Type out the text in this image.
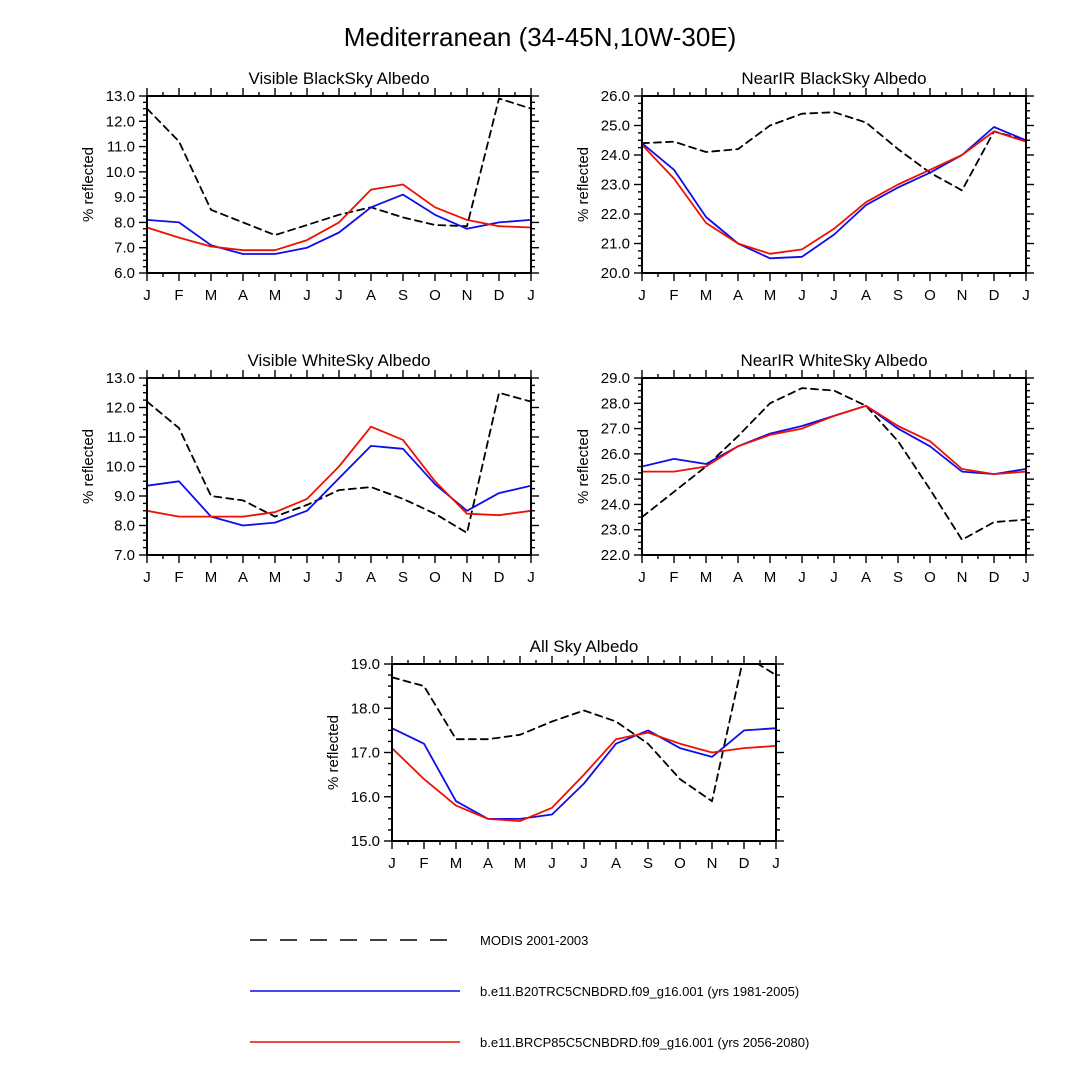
Mediterranean (34-45N,10W-30E)
Visible BlackSky Albedo
% reflected
6.0
7.0
8.0
9.0
10.0
11.0
12.0
13.0
J F M A M J J A S O N D J
NearIR BlackSky Albedo
% reflected
20.0
21.0
22.0
23.0
24.0
25.0
26.0
J F M A M J J A S O N D J
Visible WhiteSky Albedo
% reflected
7.0
8.0
9.0
10.0
11.0
12.0
13.0
J F M A M J J A S O N D J
NearIR WhiteSky Albedo
% reflected
22.0
23.0
24.0
25.0
26.0
27.0
28.0
29.0
J F M A M J J A S O N D J
All Sky Albedo
% reflected
15.0
16.0
17.0
18.0
19.0
J F M A M J J A S O N D J
MODIS 2001-2003
b.e11.B20TRC5CNBDRD.f09_g16.001 (yrs 1981-2005)
b.e11.BRCP85C5CNBDRD.f09_g16.001 (yrs 2056-2080)
